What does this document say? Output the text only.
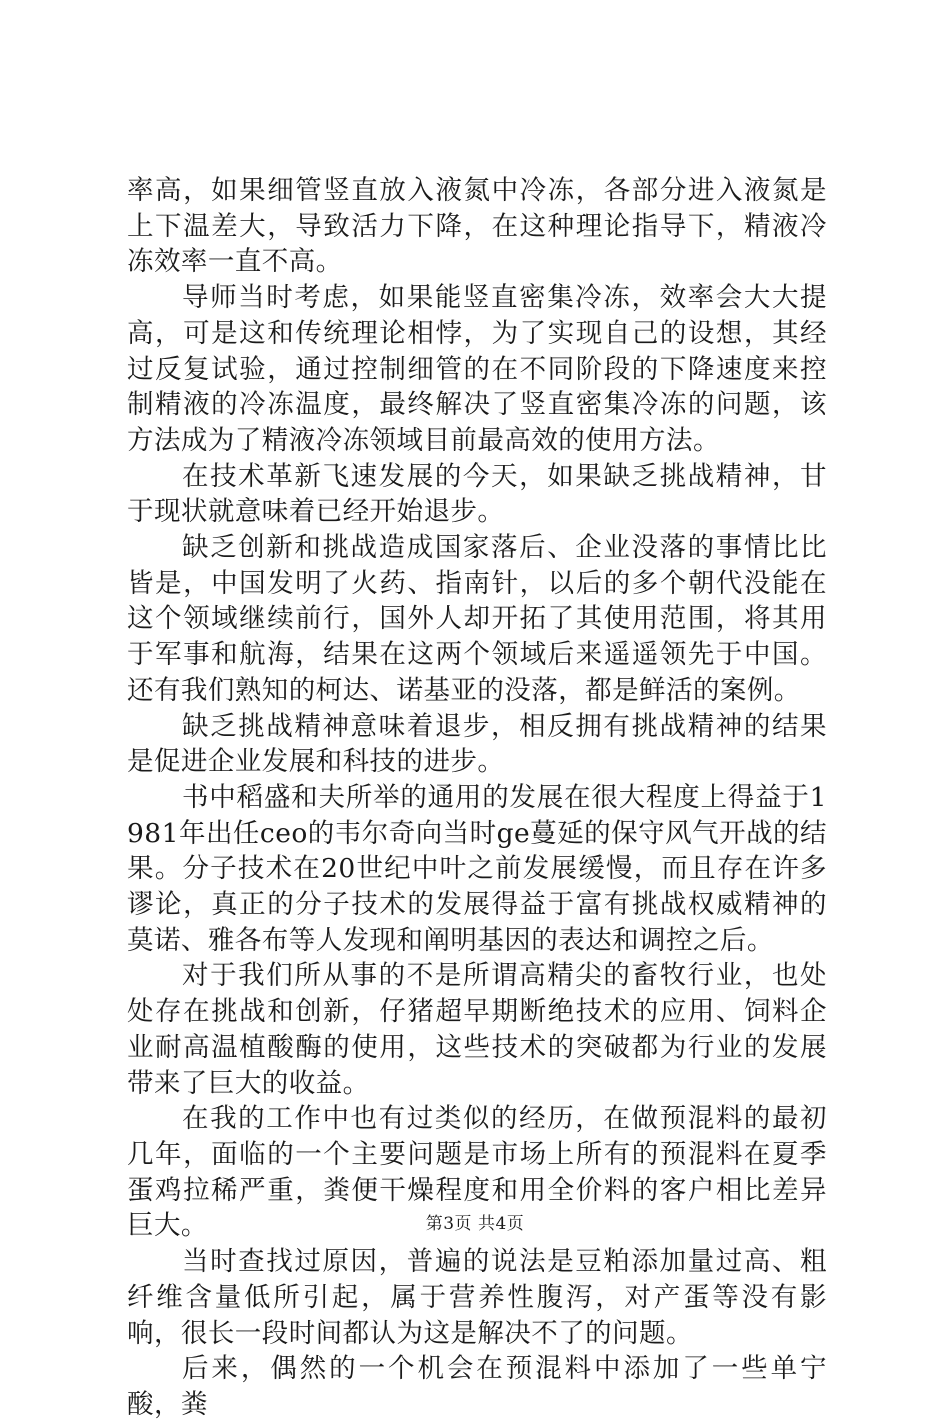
率高，如果细管竖直放入液氮中冷冻，各部分进入液氮是上下温差大，导致活力下降，在这种理论指导下，精液冷冻效率一直不高。

导师当时考虑，如果能竖直密集冷冻，效率会大大提高，可是这和传统理论相悖，为了实现自己的设想，其经过反复试验，通过控制细管的在不同阶段的下降速度来控制精液的冷冻温度，最终解决了竖直密集冷冻的问题，该方法成为了精液冷冻领域目前最高效的使用方法。

在技术革新飞速发展的今天，如果缺乏挑战精神，甘于现状就意味着已经开始退步。

缺乏创新和挑战造成国家落后、企业没落的事情比比皆是，中国发明了火药、指南针，以后的多个朝代没能在这个领域继续前行，国外人却开拓了其使用范围，将其用于军事和航海，结果在这两个领域后来遥遥领先于中国。还有我们熟知的柯达、诺基亚的没落，都是鲜活的案例。

缺乏挑战精神意味着退步，相反拥有挑战精神的结果是促进企业发展和科技的进步。

书中稻盛和夫所举的通用的发展在很大程度上得益于1981年出任ceo的韦尔奇向当时ge蔓延的保守风气开战的结果。分子技术在20世纪中叶之前发展缓慢，而且存在许多谬论，真正的分子技术的发展得益于富有挑战权威精神的莫诺、雅各布等人发现和阐明基因的表达和调控之后。

对于我们所从事的不是所谓高精尖的畜牧行业，也处处存在挑战和创新，仔猪超早期断绝技术的应用、饲料企业耐高温植酸酶的使用，这些技术的突破都为行业的发展带来了巨大的收益。

在我的工作中也有过类似的经历，在做预混料的最初几年，面临的一个主要问题是市场上所有的预混料在夏季蛋鸡拉稀严重，粪便干燥程度和用全价料的客户相比差异巨大。

当时查找过原因，普遍的说法是豆粕添加量过高、粗纤维含量低所引起，属于营养性腹泻，对产蛋等没有影响，很长一段时间都认为这是解决不了的问题。

后来，偶然的一个机会在预混料中添加了一些单宁酸，粪

第3页 共4页
